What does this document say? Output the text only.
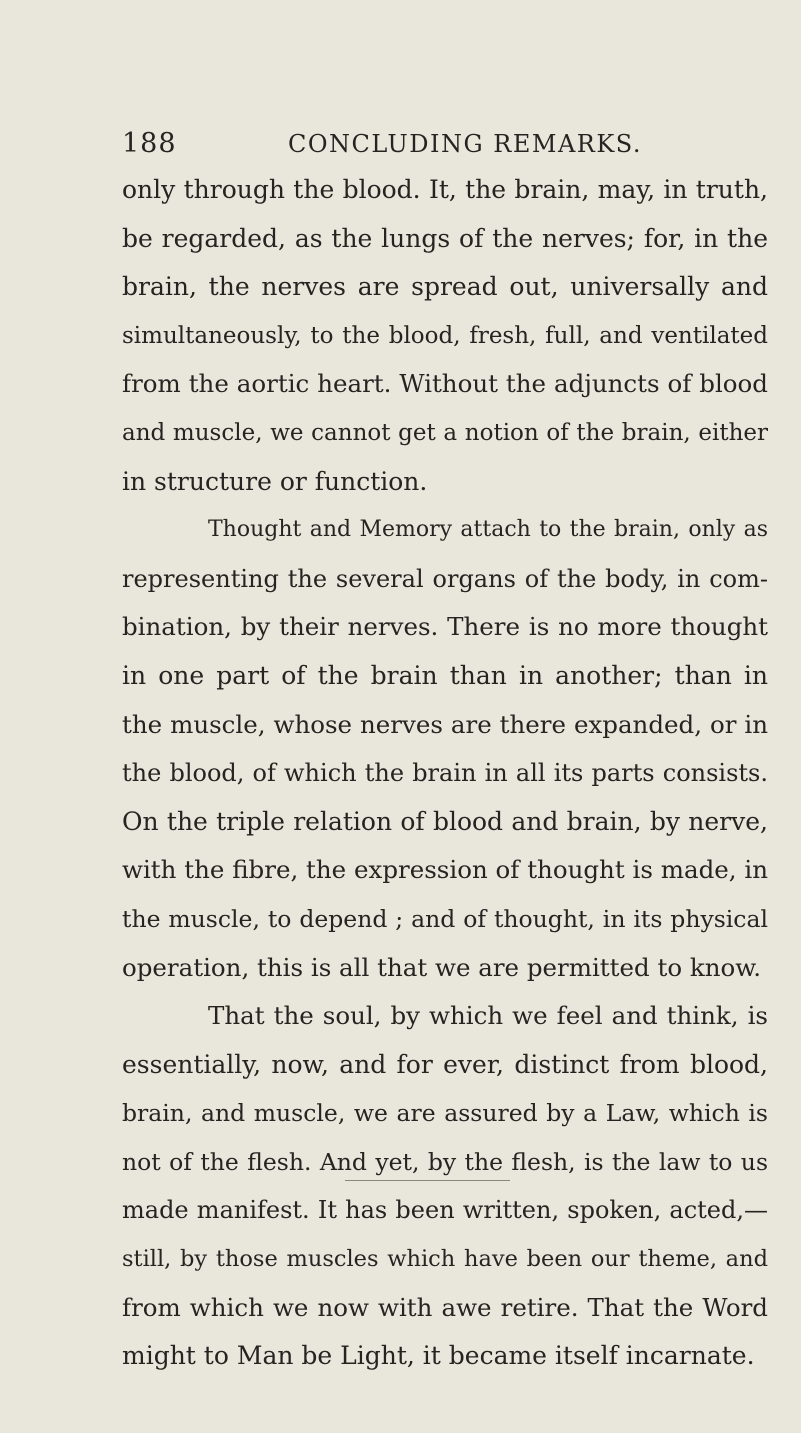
188	CONCLUDING REMARKS.
only through the blood. It, the brain, may, in truth,
be regarded, as the lungs of the nerves; for, in the
brain, the nerves are spread out, universally and
simultaneously, to the blood, fresh, full, and ventilated
from the aortic heart. Without the adjuncts of blood
and muscle, we cannot get a notion of the brain, either
in structure or function.
Thought and Memory attach to the brain, only as
representing the several organs of the body, in com-
bination, by their nerves. There is no more thought
in one part of the brain than in another; than in
the muscle, whose nerves are there expanded, or in
the blood, of which the brain in all its parts consists.
On the triple relation of blood and brain, by nerve,
with the fibre, the expression of thought is made, in
the muscle, to depend ; and of thought, in its physical
operation, this is all that we are permitted to know.
That the soul, by which we feel and think, is
essentially, now, and for ever, distinct from blood,
brain, and muscle, we are assured by a Law, which is
not of the flesh. And yet, by the flesh, is the law to us
made manifest. It has been written, spoken, acted,—
still, by those muscles which have been our theme, and
from which we now with awe retire. That the Word
might to Man be Light, it became itself incarnate.
